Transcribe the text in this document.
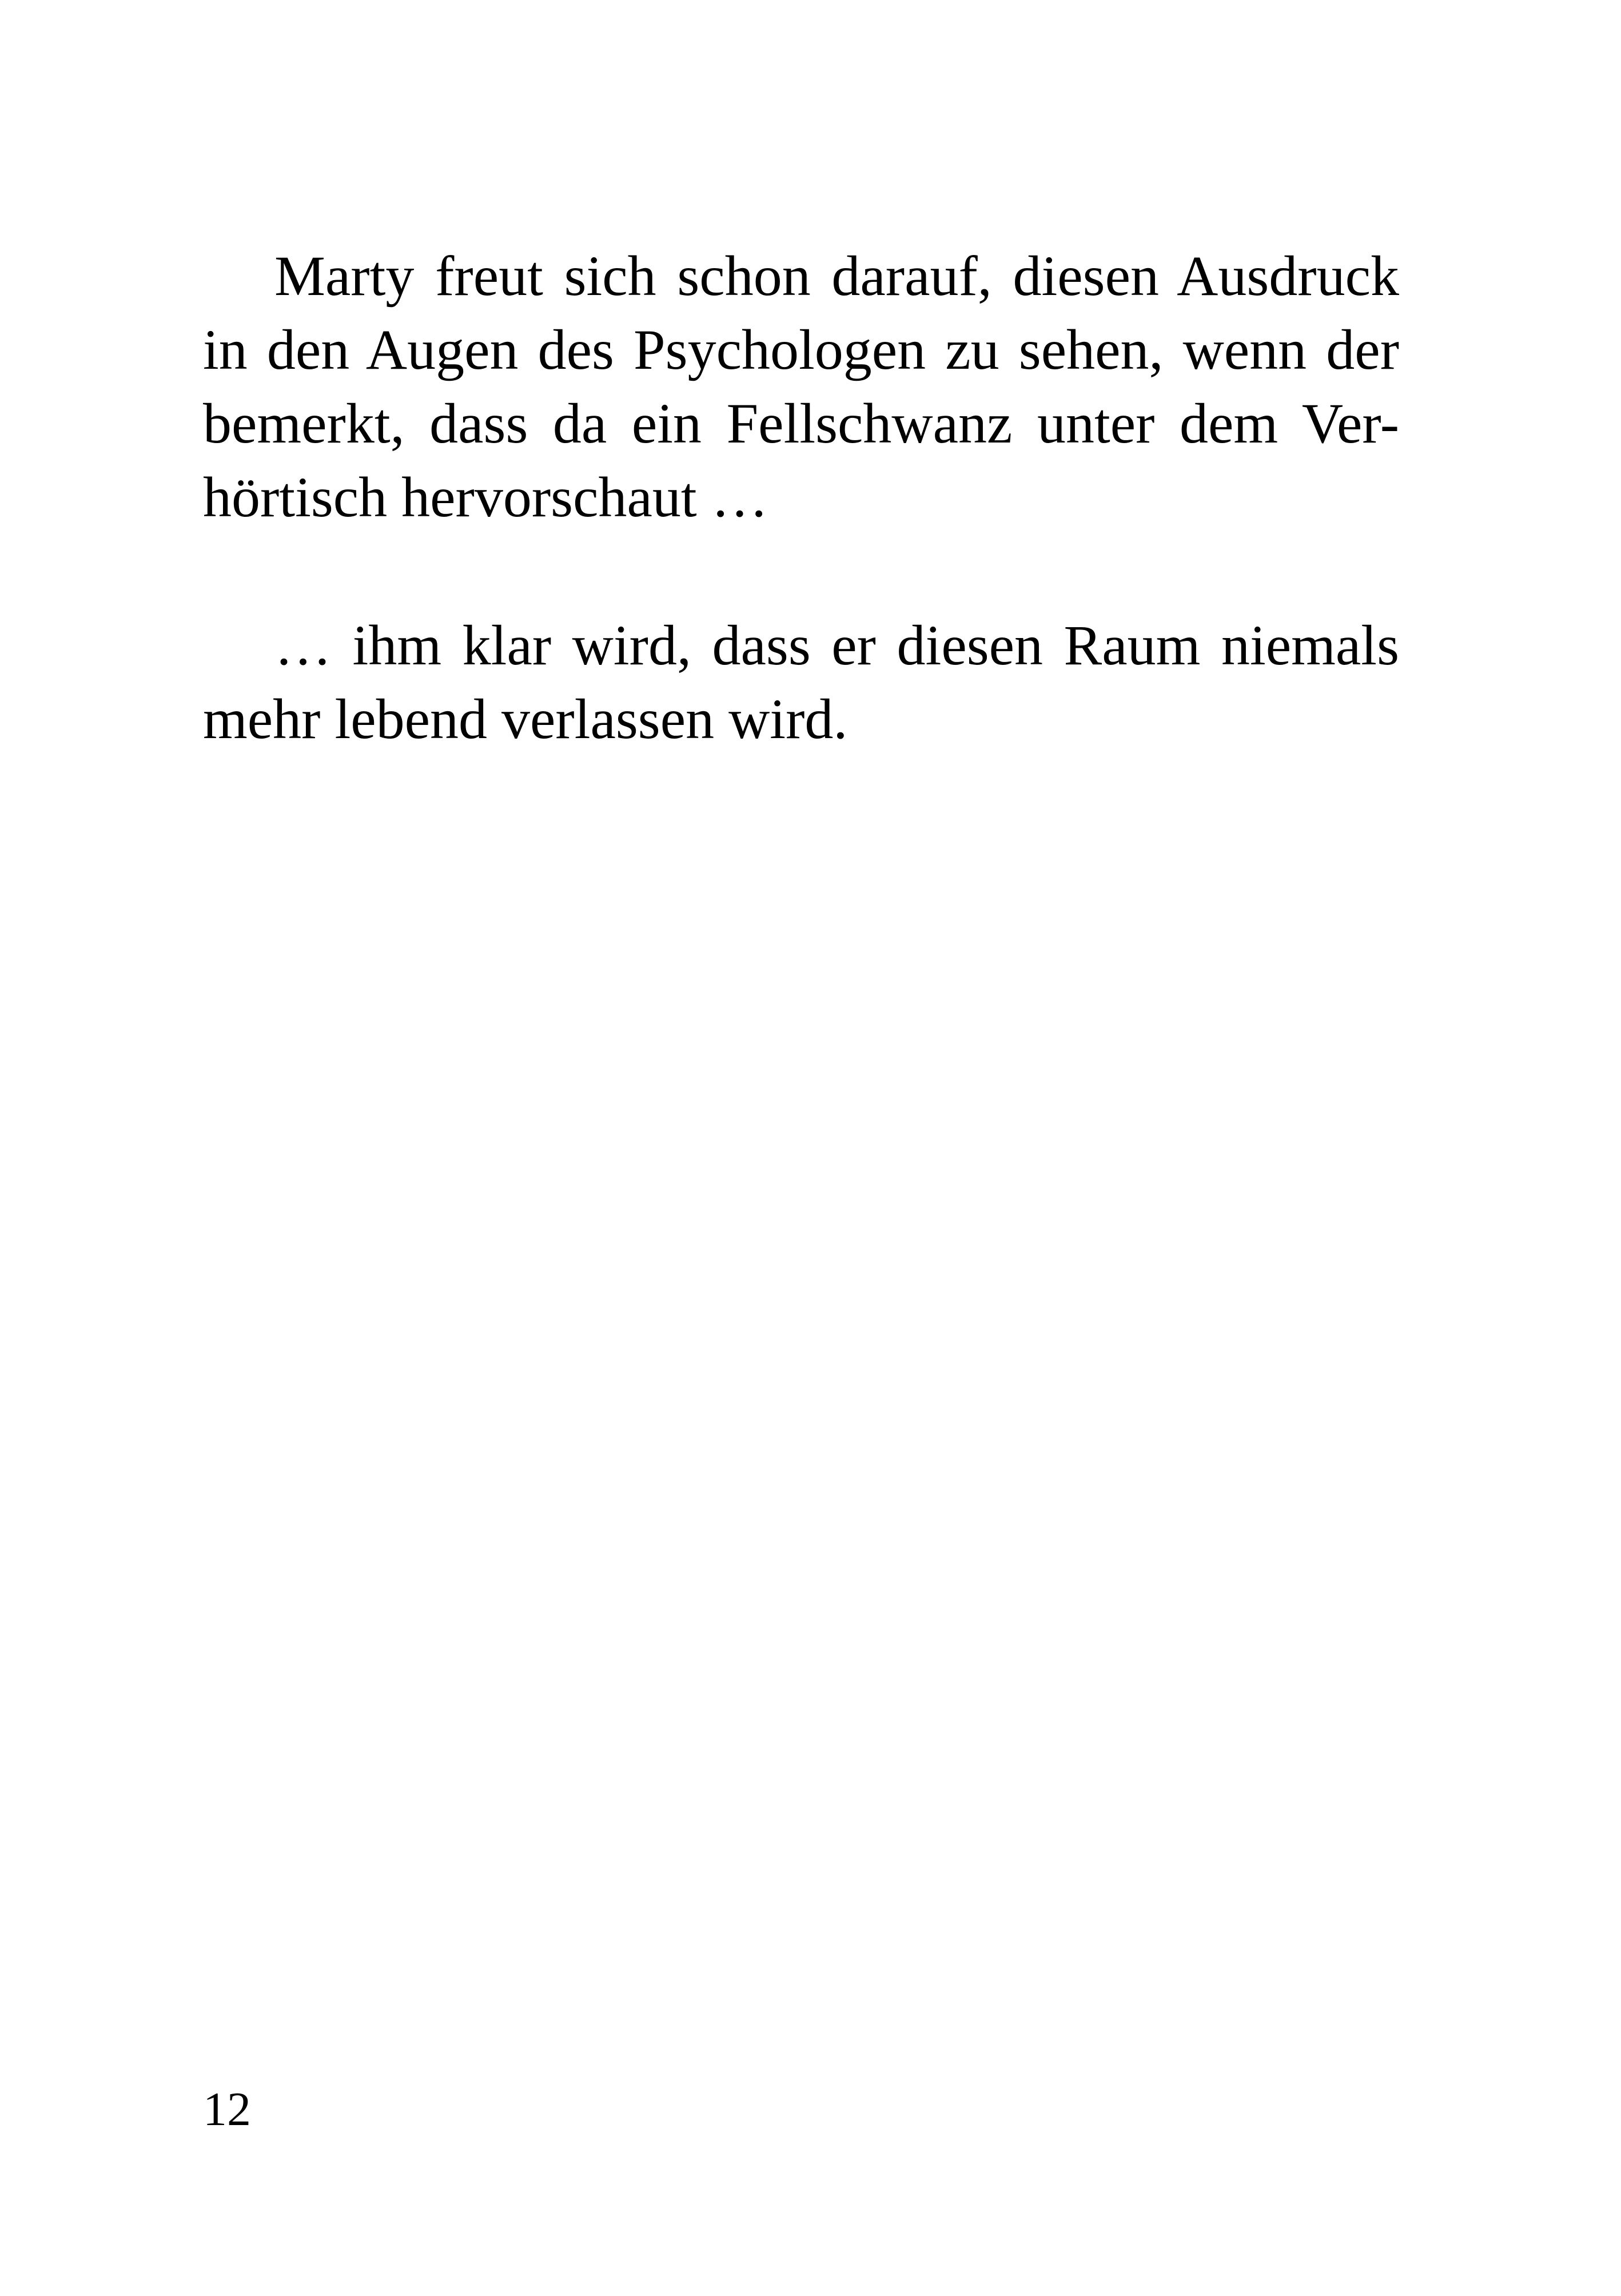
Marty freut sich schon darauf, diesen Ausdruck
in den Augen des Psychologen zu sehen, wenn der
bemerkt, dass da ein Fellschwanz unter dem Ver-
hörtisch hervorschaut …
… ihm klar wird, dass er diesen Raum niemals
mehr lebend verlassen wird.
12
